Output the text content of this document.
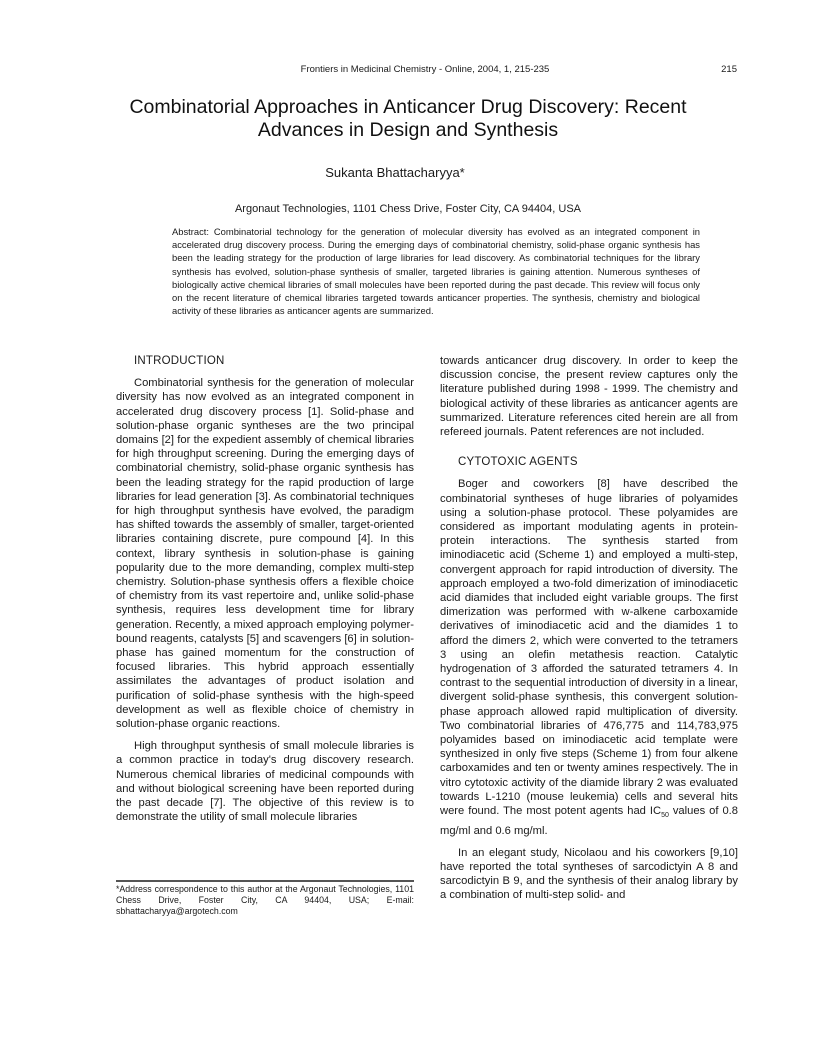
Frontiers in Medicinal Chemistry - Online, 2004, 1, 215-235	215
Combinatorial Approaches in Anticancer Drug Discovery: Recent Advances in Design and Synthesis
Sukanta Bhattacharyya*
Argonaut Technologies, 1101 Chess Drive, Foster City, CA 94404, USA
Abstract: Combinatorial technology for the generation of molecular diversity has evolved as an integrated component in accelerated drug discovery process. During the emerging days of combinatorial chemistry, solid-phase organic synthesis has been the leading strategy for the production of large libraries for lead discovery. As combinatorial techniques for the library synthesis has evolved, solution-phase synthesis of smaller, targeted libraries is gaining attention. Numerous syntheses of biologically active chemical libraries of small molecules have been reported during the past decade. This review will focus only on the recent literature of chemical libraries targeted towards anticancer properties. The synthesis, chemistry and biological activity of these libraries as anticancer agents are summarized.

INTRODUCTION

Combinatorial synthesis for the generation of molecular diversity has now evolved as an integrated component in accelerated drug discovery process [1]. Solid-phase and solution-phase organic syntheses are the two principal domains [2] for the expedient assembly of chemical libraries for high throughput screening. During the emerging days of combinatorial chemistry, solid-phase organic synthesis has been the leading strategy for the rapid production of large libraries for lead generation [3]. As combinatorial techniques for high throughput synthesis have evolved, the paradigm has shifted towards the assembly of smaller, target-oriented libraries containing discrete, pure compound [4]. In this context, library synthesis in solution-phase is gaining popularity due to the more demanding, complex multi-step chemistry. Solution-phase synthesis offers a flexible choice of chemistry from its vast repertoire and, unlike solid-phase synthesis, requires less development time for library generation. Recently, a mixed approach employing polymer-bound reagents, catalysts [5] and scavengers [6] in solution-phase has gained momentum for the construction of focused libraries. This hybrid approach essentially assimilates the advantages of product isolation and purification of solid-phase synthesis with the high-speed development as well as flexible choice of chemistry in solution-phase organic reactions.

High throughput synthesis of small molecule libraries is a common practice in today's drug discovery research. Numerous chemical libraries of medicinal compounds with and without biological screening have been reported during the past decade [7]. The objective of this review is to demonstrate the utility of small molecule libraries

towards anticancer drug discovery. In order to keep the discussion concise, the present review captures only the literature published during 1998 - 1999. The chemistry and biological activity of these libraries as anticancer agents are summarized. Literature references cited herein are all from refereed journals. Patent references are not included.

CYTOTOXIC AGENTS

Boger and coworkers [8] have described the combinatorial syntheses of huge libraries of polyamides using a solution-phase protocol. These polyamides are considered as important modulating agents in protein-protein interactions. The synthesis started from iminodiacetic acid (Scheme 1) and employed a multi-step, convergent approach for rapid introduction of diversity. The approach employed a two-fold dimerization of iminodiacetic acid diamides that included eight variable groups. The first dimerization was performed with w-alkene carboxamide derivatives of iminodiacetic acid and the diamides 1 to afford the dimers 2, which were converted to the tetramers 3 using an olefin metathesis reaction. Catalytic hydrogenation of 3 afforded the saturated tetramers 4. In contrast to the sequential introduction of diversity in a linear, divergent solid-phase synthesis, this convergent solution-phase approach allowed rapid multiplication of diversity. Two combinatorial libraries of 476,775 and 114,783,975 polyamides based on iminodiacetic acid template were synthesized in only five steps (Scheme 1) from four alkene carboxamides and ten or twenty amines respectively. The in vitro cytotoxic activity of the diamide library 2 was evaluated towards L-1210 (mouse leukemia) cells and several hits were found. The most potent agents had $IC_{50}$ values of 0.8 mg/ml and 0.6 mg/ml.

In an elegant study, Nicolaou and his coworkers [9,10] have reported the total syntheses of sarcodictyin A 8 and sarcodictyin B 9, and the synthesis of their analog library by a combination of multi-step solid- and

*Address correspondence to this author at the Argonaut Technologies, 1101 Chess Drive, Foster City, CA 94404, USA; E-mail: sbhattacharyya@argotech.com
